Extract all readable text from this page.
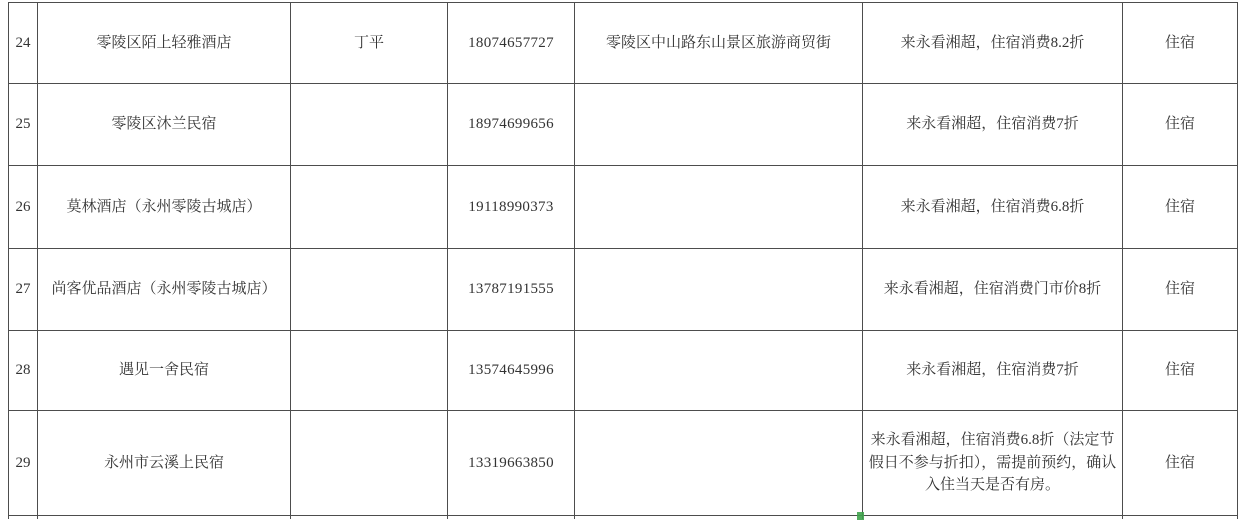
24	零陵区陌上轻雅酒店	丁平	18074657727	零陵区中山路东山景区旅游商贸街	来永看湘超，住宿消费8.2折	住宿
25	零陵区沐兰民宿		18974699656		来永看湘超，住宿消费7折	住宿
26	莫林酒店（永州零陵古城店）		19118990373		来永看湘超，住宿消费6.8折	住宿
27	尚客优品酒店（永州零陵古城店）		13787191555		来永看湘超，住宿消费门市价8折	住宿
28	遇见一舍民宿		13574645996		来永看湘超，住宿消费7折	住宿
29	永州市云溪上民宿		13319663850		来永看湘超，住宿消费6.8折（法定节假日不参与折扣），需提前预约，确认入住当天是否有房。	住宿
